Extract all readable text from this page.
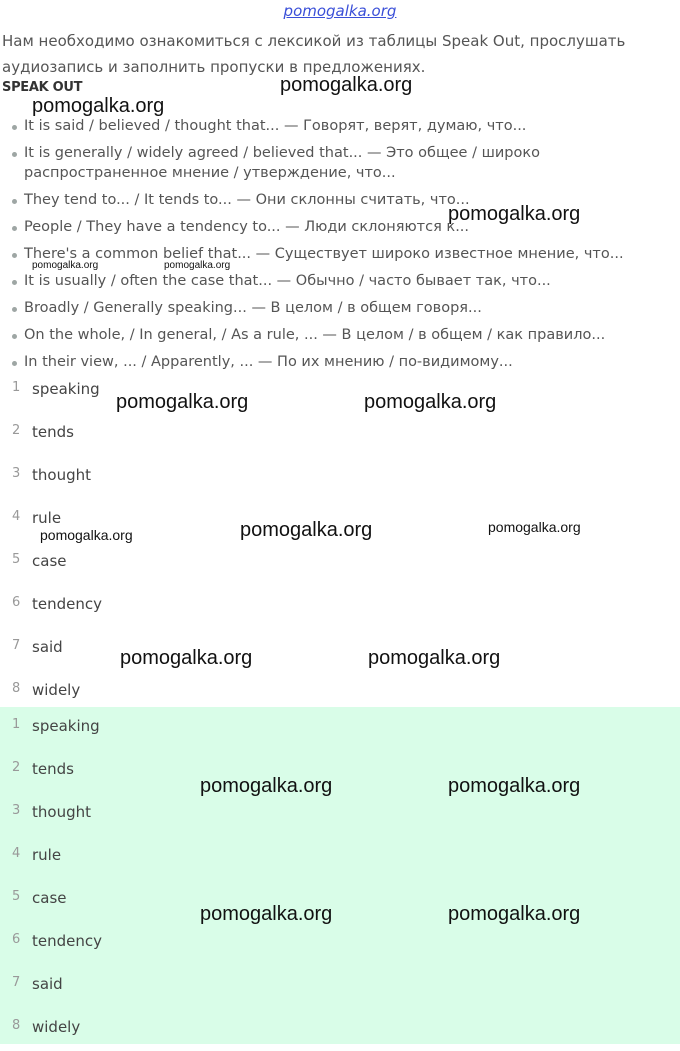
pomogalka.org

Нам необходимо ознакомиться с лексикой из таблицы Speak Out, прослушать аудиозапись и заполнить пропуски в предложениях.

SPEAK OUT
It is said / believed / thought that... — Говорят, верят, думаю, что...
It is generally / widely agreed / believed that... — Это общее / широко распространенное мнение / утверждение, что...
They tend to... / It tends to... — Они склонны считать, что...
People / They have a tendency to... — Люди склоняются к...
There's a common belief that... — Существует широко известное мнение, что...
It is usually / often the case that... — Обычно / часто бывает так, что...
Broadly / Generally speaking... — В целом / в общем говоря...
On the whole, / In general, / As a rule, ... — В целом / в общем / как правило...
In their view, ... / Apparently, ... — По их мнению / по-видимому...
1 speaking
2 tends
3 thought
4 rule
5 case
6 tendency
7 said
8 widely
1 speaking
2 tends
3 thought
4 rule
5 case
6 tendency
7 said
8 widely
pomogalka.org
pomogalka.org
pomogalka.org
pomogalka.org	pomogalka.org
pomogalka.org	pomogalka.org
pomogalka.org	pomogalka.org
pomogalka.org
pomogalka.org	pomogalka.org
pomogalka.org	pomogalka.org
pomogalka.org	pomogalka.org
